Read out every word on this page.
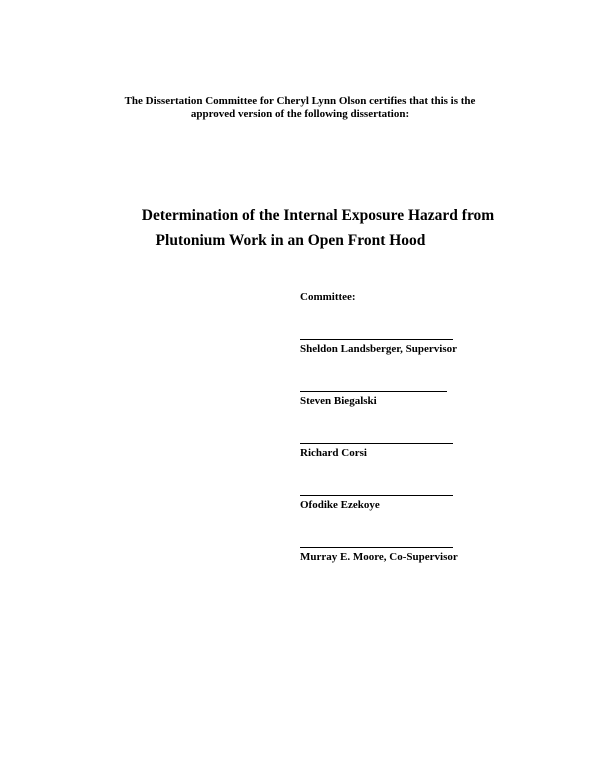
The Dissertation Committee for Cheryl Lynn Olson certifies that this is the
approved version of the following dissertation:
Determination of the Internal Exposure Hazard from
Plutonium Work in an Open Front Hood
Committee:
Sheldon Landsberger, Supervisor
Steven Biegalski
Richard Corsi
Ofodike Ezekoye
Murray E. Moore, Co-Supervisor
